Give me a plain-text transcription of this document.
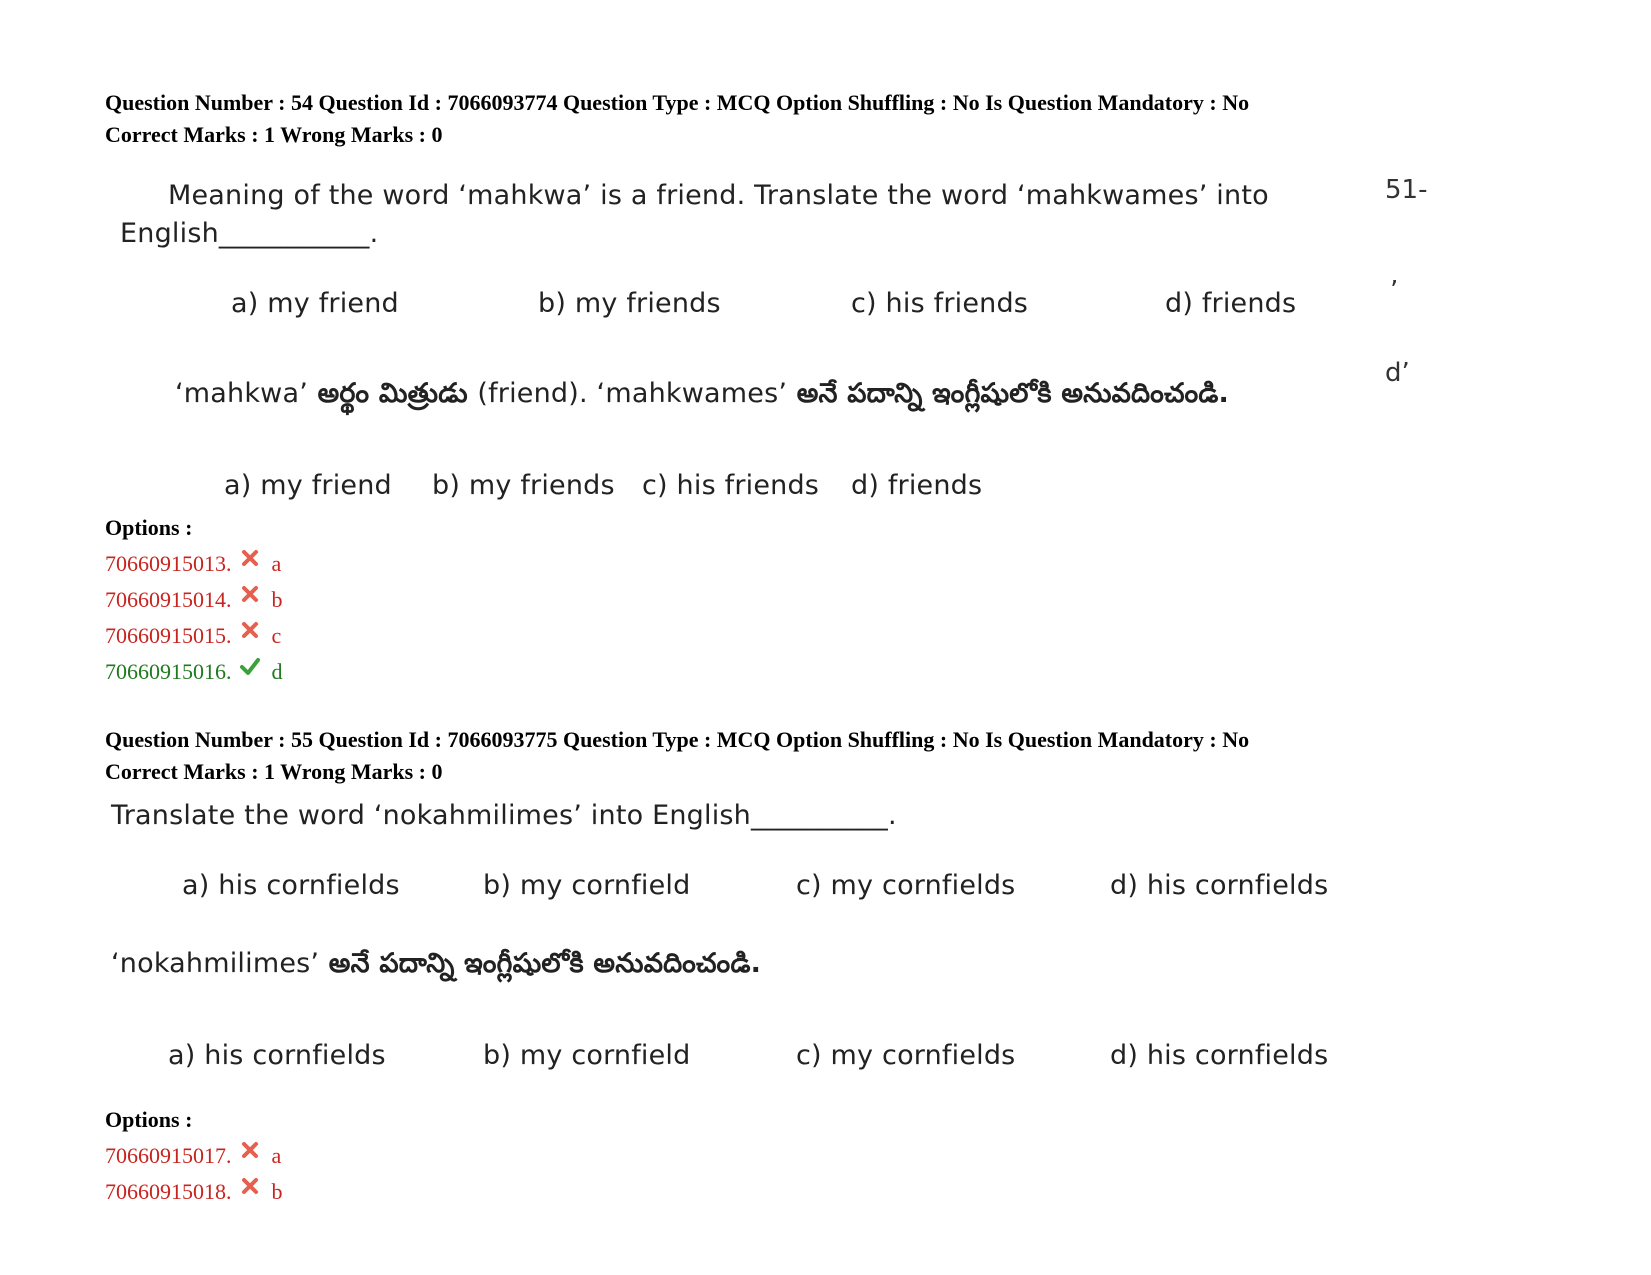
Question Number : 54 Question Id : 7066093774 Question Type : MCQ Option Shuffling : No Is Question Mandatory : No
Correct Marks : 1 Wrong Marks : 0
Meaning of the word ‘mahkwa’ is a friend. Translate the word ‘mahkwames’ into
English___________.
a) my friend	b) my friends	c) his friends	d) friends
‘mahkwa’ అర్థం మిత్రుడు (friend). ‘mahkwames’ అనే పదాన్ని ఇంగ్లీషులోకి అనువదించండి.
a) my friend b) my friends c) his friends d) friends
51-
’
d’
Options :
70660915013. a
70660915014. b
70660915015. c
70660915016. d
Question Number : 55 Question Id : 7066093775 Question Type : MCQ Option Shuffling : No Is Question Mandatory : No
Correct Marks : 1 Wrong Marks : 0
Translate the word ‘nokahmilimes’ into English__________.
a) his cornfields	b) my cornfield	c) my cornfields	d) his cornfields
‘nokahmilimes’ అనే పదాన్ని ఇంగ్లీషులోకి అనువదించండి.
a) his cornfields	b) my cornfield	c) my cornfields	d) his cornfields
Options :
70660915017. a
70660915018. b
